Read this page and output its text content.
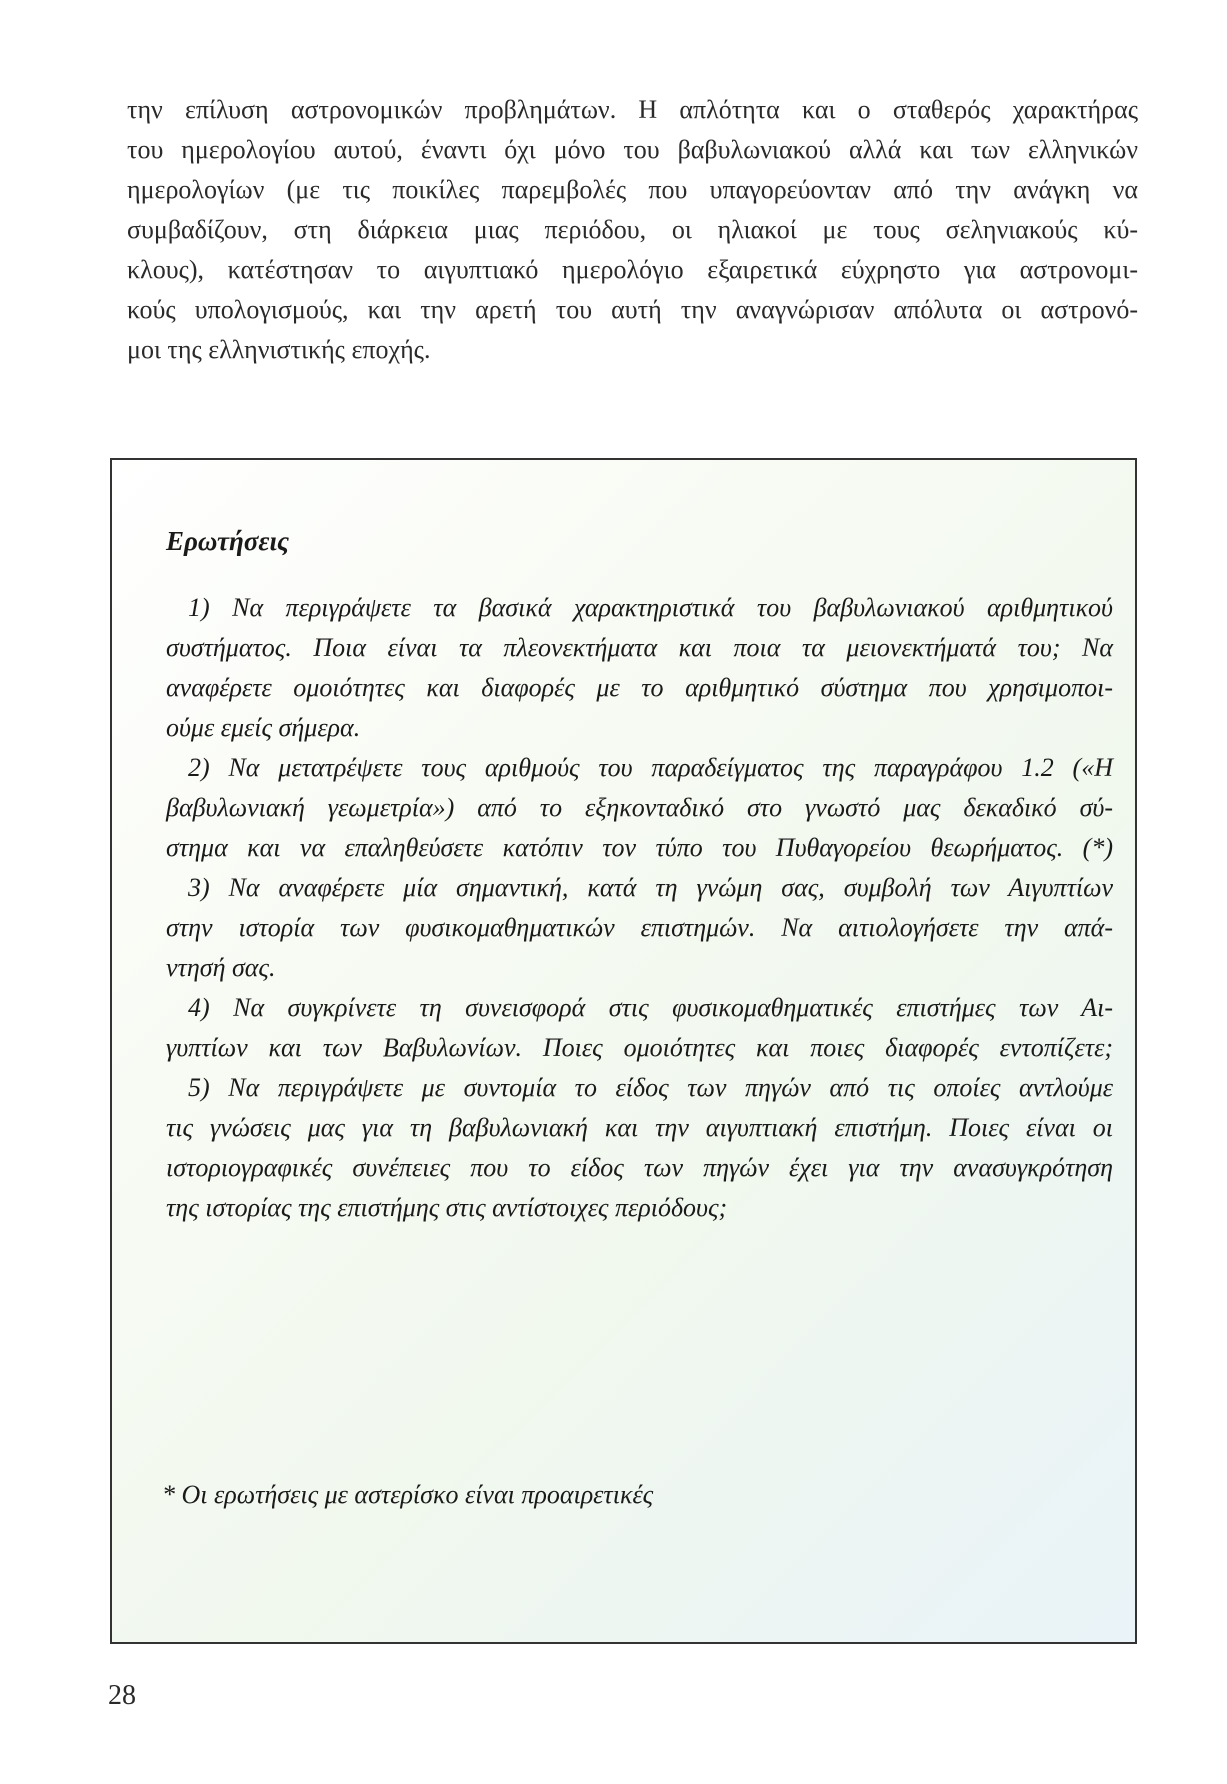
την επίλυση αστρονομικών προβλημάτων. Η απλότητα και ο σταθερός χαρακτήρας
του ημερολογίου αυτού, έναντι όχι μόνο του βαβυλωνιακού αλλά και των ελληνικών
ημερολογίων (με τις ποικίλες παρεμβολές που υπαγορεύονταν από την ανάγκη να
συμβαδίζουν, στη διάρκεια μιας περιόδου, οι ηλιακοί με τους σεληνιακούς κύ-
κλους), κατέστησαν το αιγυπτιακό ημερολόγιο εξαιρετικά εύχρηστο για αστρονομι-
κούς υπολογισμούς, και την αρετή του αυτή την αναγνώρισαν απόλυτα οι αστρονό-
μοι της ελληνιστικής εποχής.
Ερωτήσεις
1) Να περιγράψετε τα βασικά χαρακτηριστικά του βαβυλωνιακού αριθμητικού
συστήματος. Ποια είναι τα πλεονεκτήματα και ποια τα μειονεκτήματά του; Να
αναφέρετε ομοιότητες και διαφορές με το αριθμητικό σύστημα που χρησιμοποι-
ούμε εμείς σήμερα.
2) Να μετατρέψετε τους αριθμούς του παραδείγματος της παραγράφου 1.2 («Η
βαβυλωνιακή γεωμετρία») από το εξηκονταδικό στο γνωστό μας δεκαδικό σύ-
στημα και να επαληθεύσετε κατόπιν τον τύπο του Πυθαγορείου θεωρήματος. (*)
3) Να αναφέρετε μία σημαντική, κατά τη γνώμη σας, συμβολή των Αιγυπτίων
στην ιστορία των φυσικομαθηματικών επιστημών. Να αιτιολογήσετε την απά-
ντησή σας.
4) Να συγκρίνετε τη συνεισφορά στις φυσικομαθηματικές επιστήμες των Αι-
γυπτίων και των Βαβυλωνίων. Ποιες ομοιότητες και ποιες διαφορές εντοπίζετε;
5) Να περιγράψετε με συντομία το είδος των πηγών από τις οποίες αντλούμε
τις γνώσεις μας για τη βαβυλωνιακή και την αιγυπτιακή επιστήμη. Ποιες είναι οι
ιστοριογραφικές συνέπειες που το είδος των πηγών έχει για την ανασυγκρότηση
της ιστορίας της επιστήμης στις αντίστοιχες περιόδους;
* Οι ερωτήσεις με αστερίσκο είναι προαιρετικές
28
